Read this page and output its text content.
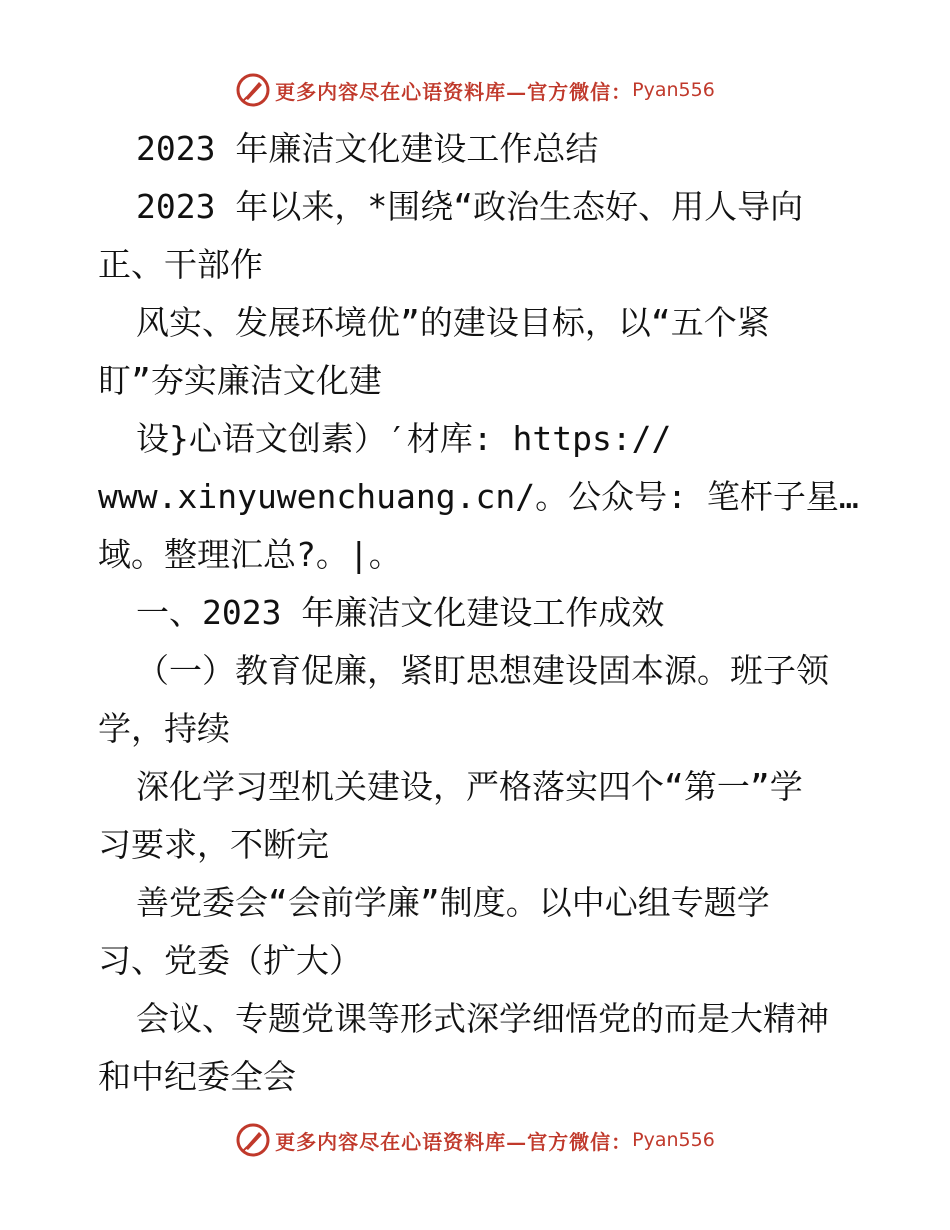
更多内容尽在心语资料库—官方微信： Pyan556
2023 年廉洁文化建设工作总结
2023 年以来，*围绕“政治生态好、用人导向
正、干部作
风实、发展环境优”的建设目标，以“五个紧
盯”夯实廉洁文化建
设}心语文创素）′材库: https://
www.xinyuwenchuang.cn/。公众号: 笔杆子星…
域。整理汇总?。|。
一、2023 年廉洁文化建设工作成效
（一）教育促廉，紧盯思想建设固本源。班子领
学，持续
深化学习型机关建设，严格落实四个“第一”学
习要求，不断完
善党委会“会前学廉”制度。以中心组专题学
习、党委（扩大）
会议、专题党课等形式深学细悟党的而是大精神
和中纪委全会
更多内容尽在心语资料库—官方微信： Pyan556
